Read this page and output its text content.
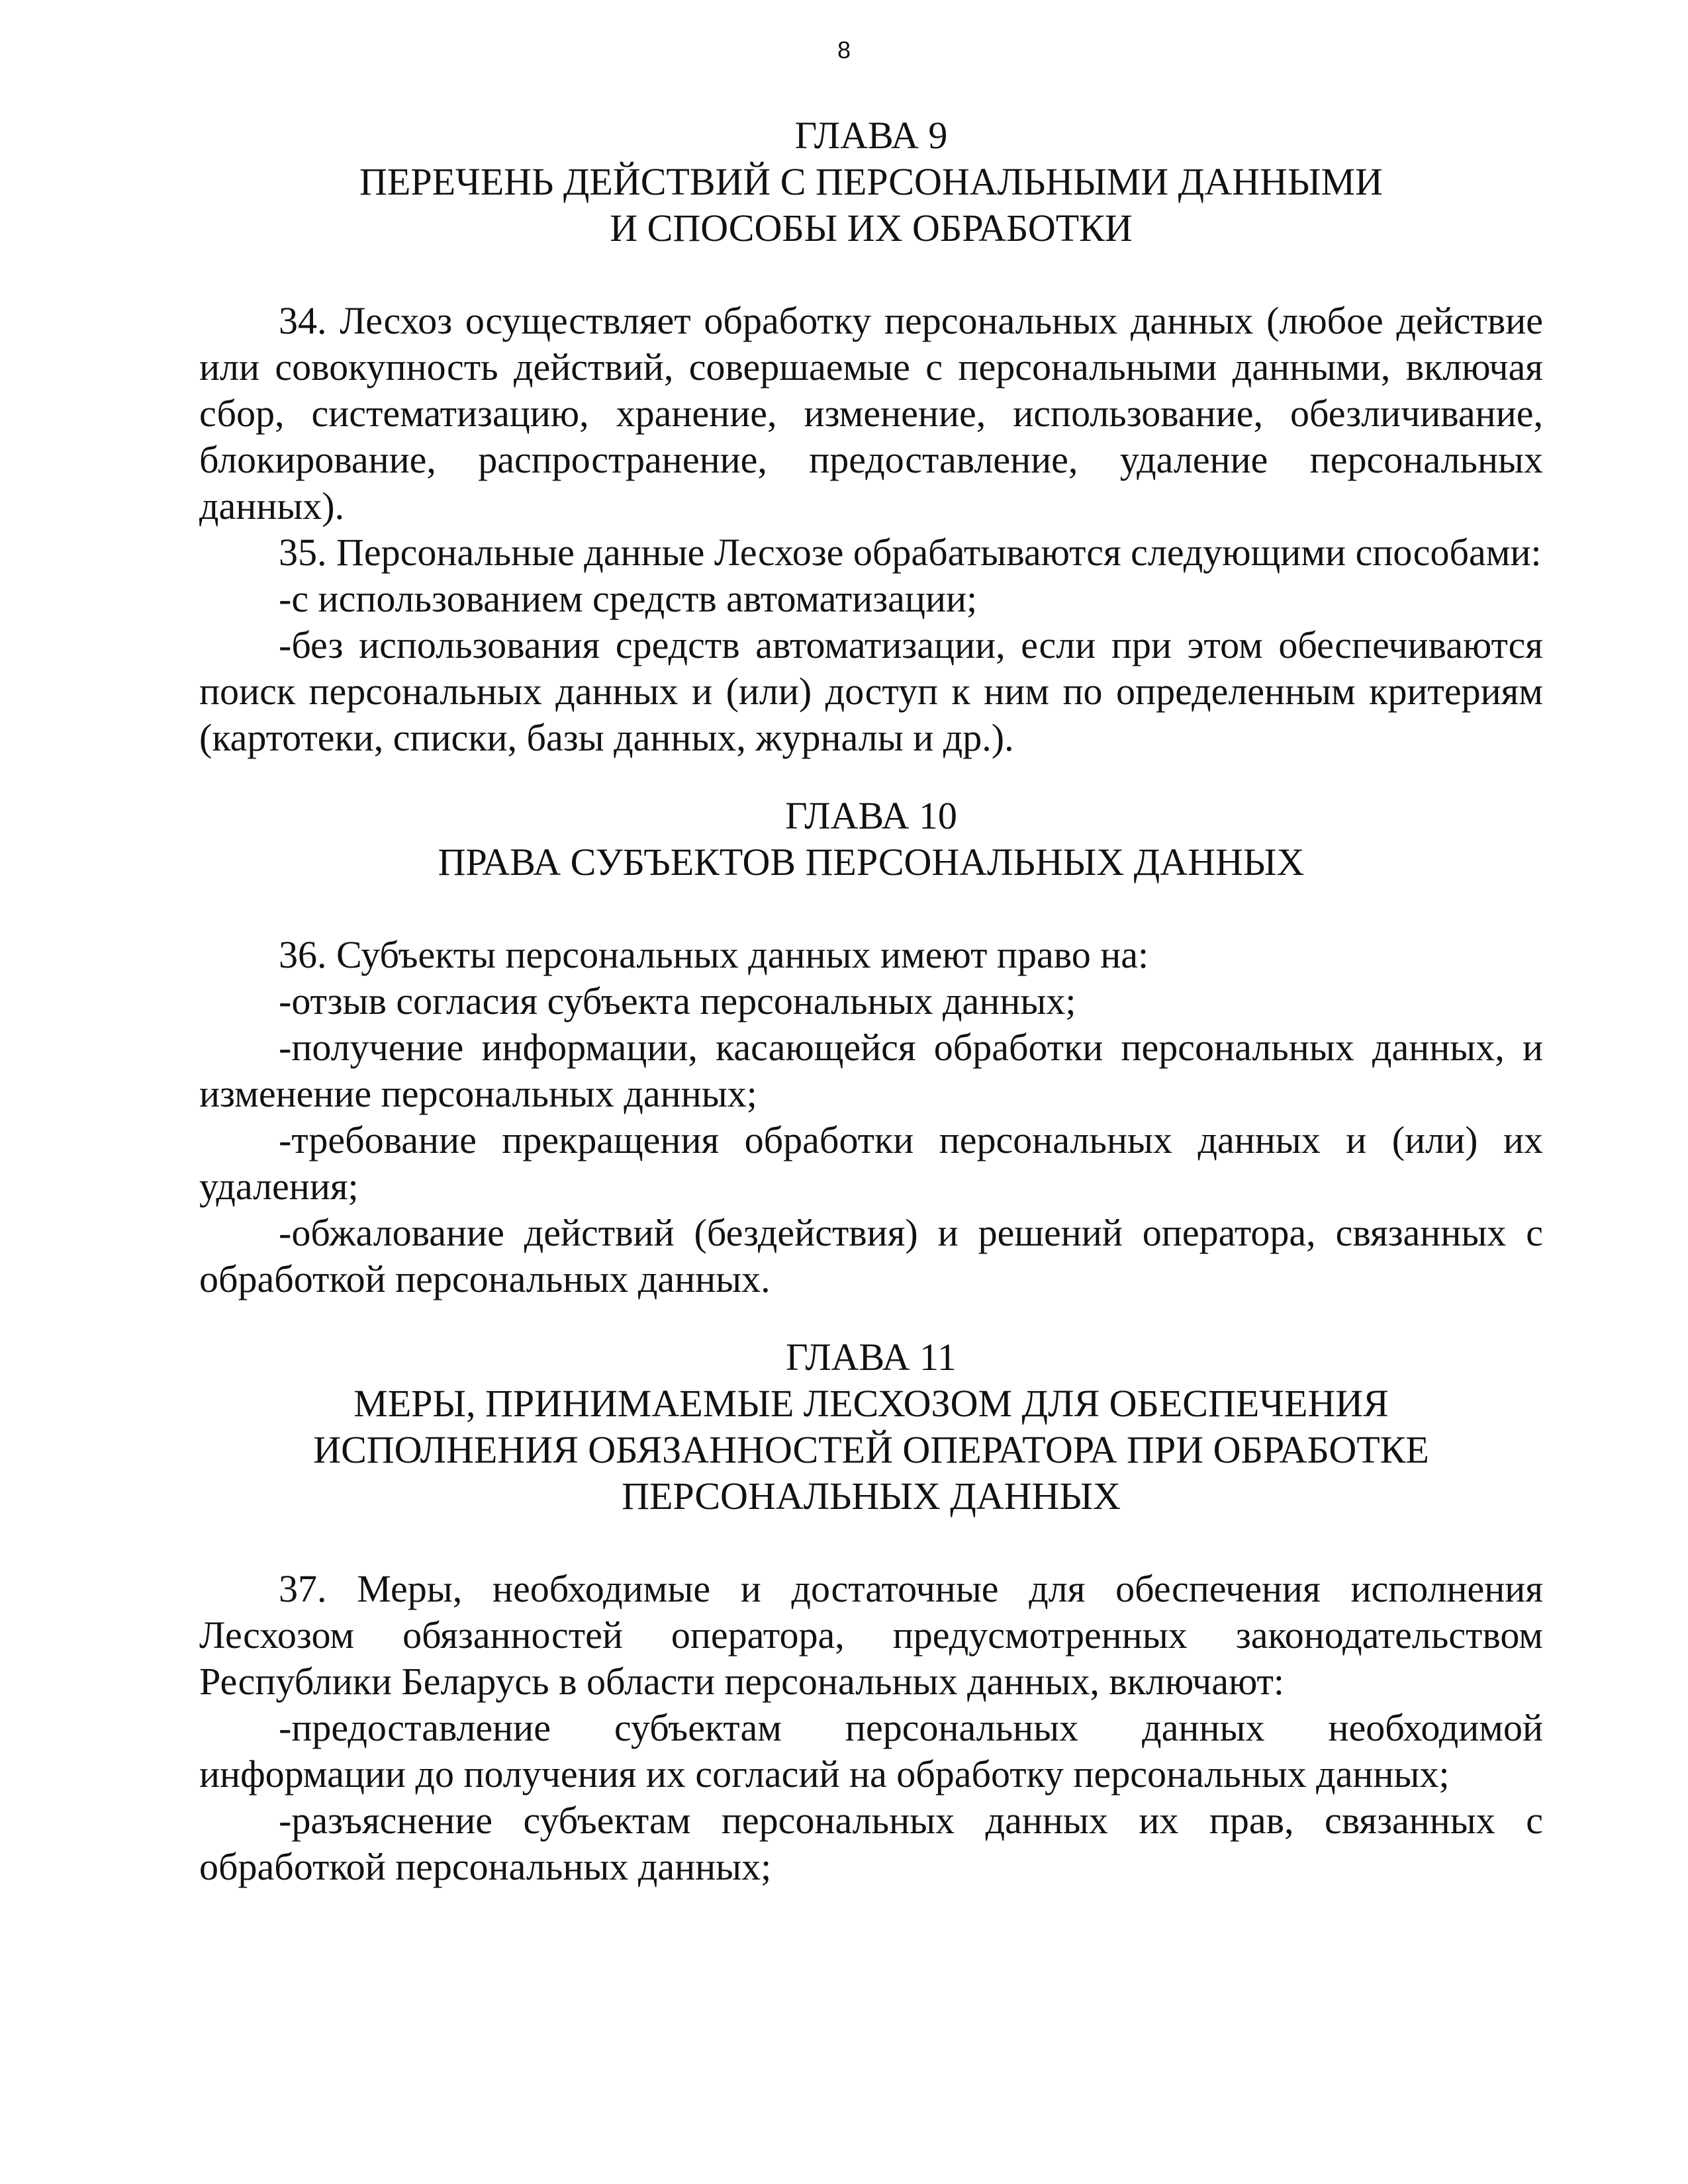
8
ГЛАВА 9
ПЕРЕЧЕНЬ ДЕЙСТВИЙ С ПЕРСОНАЛЬНЫМИ ДАННЫМИ
И СПОСОБЫ ИХ ОБРАБОТКИ

34. Лесхоз осуществляет обработку персональных данных (любое действие или совокупность действий, совершаемые с персональными данными, включая сбор, систематизацию, хранение, изменение, использование, обезличивание, блокирование, распространение, предоставление, удаление персональных данных).

35. Персональные данные Лесхозе обрабатываются следующими способами:

-с использованием средств автоматизации;

-без использования средств автоматизации, если при этом обеспечиваются поиск персональных данных и (или) доступ к ним по определенным критериям (картотеки, списки, базы данных, журналы и др.).

ГЛАВА 10
ПРАВА СУБЪЕКТОВ ПЕРСОНАЛЬНЫХ ДАННЫХ

36. Субъекты персональных данных имеют право на:

-отзыв согласия субъекта персональных данных;

-получение информации, касающейся обработки персональных данных, и изменение персональных данных;

-требование прекращения обработки персональных данных и (или) их удаления;

-обжалование действий (бездействия) и решений оператора, связанных с обработкой персональных данных.

ГЛАВА 11
МЕРЫ, ПРИНИМАЕМЫЕ ЛЕСХОЗОМ ДЛЯ ОБЕСПЕЧЕНИЯ
ИСПОЛНЕНИЯ ОБЯЗАННОСТЕЙ ОПЕРАТОРА ПРИ ОБРАБОТКЕ
ПЕРСОНАЛЬНЫХ ДАННЫХ

37. Меры, необходимые и достаточные для обеспечения исполнения Лесхозом обязанностей оператора, предусмотренных законодательством Республики Беларусь в области персональных данных, включают:

-предоставление субъектам персональных данных необходимой информации до получения их согласий на обработку персональных данных;

-разъяснение субъектам персональных данных их прав, связанных с обработкой персональных данных;
